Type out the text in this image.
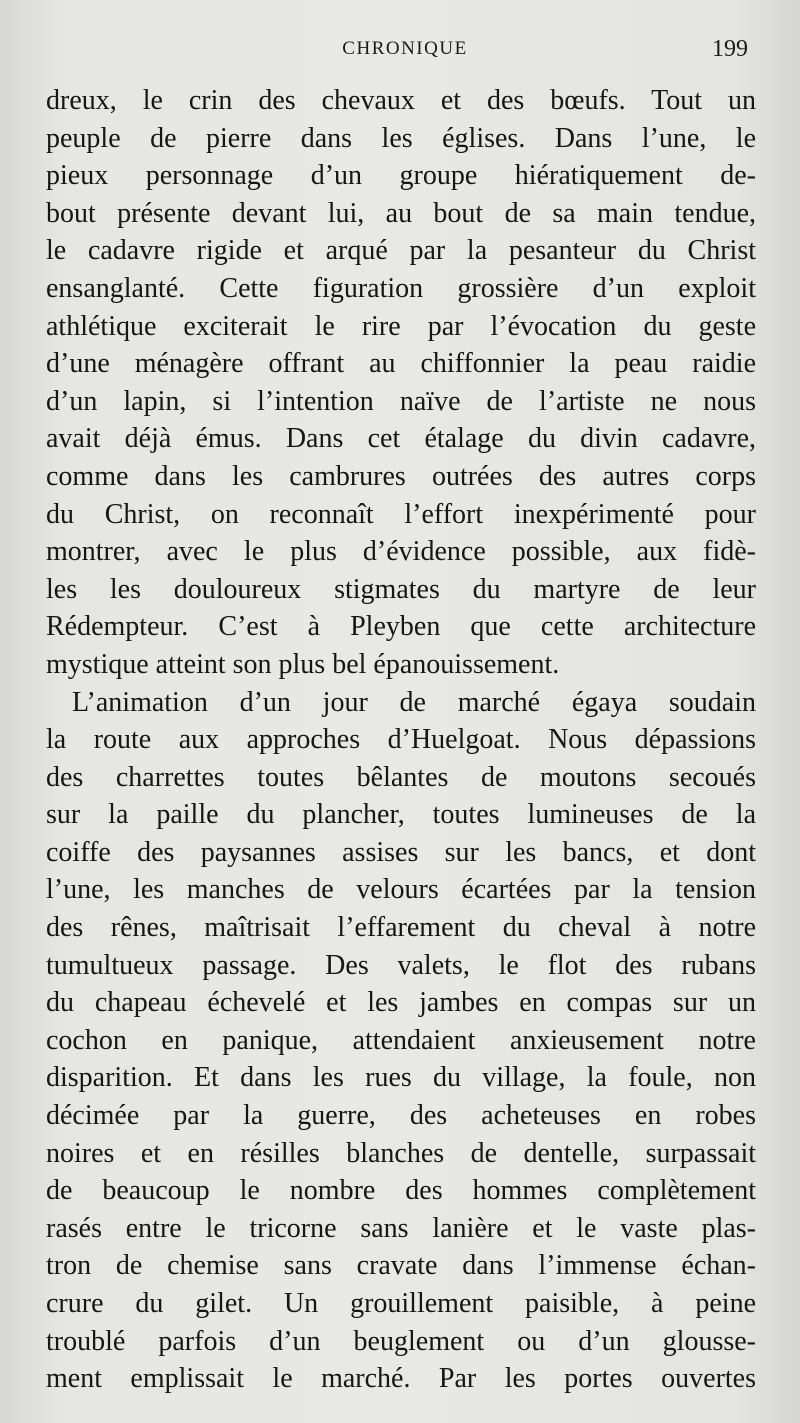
CHRONIQUE	199
dreux, le crin des chevaux et des bœufs. Tout un
peuple de pierre dans les églises. Dans l’une, le
pieux personnage d’un groupe hiératiquement de-
bout présente devant lui, au bout de sa main tendue,
le cadavre rigide et arqué par la pesanteur du Christ
ensanglanté. Cette figuration grossière d’un exploit
athlétique exciterait le rire par l’évocation du geste
d’une ménagère offrant au chiffonnier la peau raidie
d’un lapin, si l’intention naïve de l’artiste ne nous
avait déjà émus. Dans cet étalage du divin cadavre,
comme dans les cambrures outrées des autres corps
du Christ, on reconnaît l’effort inexpérimenté pour
montrer, avec le plus d’évidence possible, aux fidè-
les les douloureux stigmates du martyre de leur
Rédempteur. C’est à Pleyben que cette architecture
mystique atteint son plus bel épanouissement.
L’animation d’un jour de marché égaya soudain
la route aux approches d’Huelgoat. Nous dépassions
des charrettes toutes bêlantes de moutons secoués
sur la paille du plancher, toutes lumineuses de la
coiffe des paysannes assises sur les bancs, et dont
l’une, les manches de velours écartées par la tension
des rênes, maîtrisait l’effarement du cheval à notre
tumultueux passage. Des valets, le flot des rubans
du chapeau échevelé et les jambes en compas sur un
cochon en panique, attendaient anxieusement notre
disparition. Et dans les rues du village, la foule, non
décimée par la guerre, des acheteuses en robes
noires et en résilles blanches de dentelle, surpassait
de beaucoup le nombre des hommes complètement
rasés entre le tricorne sans lanière et le vaste plas-
tron de chemise sans cravate dans l’immense échan-
crure du gilet. Un grouillement paisible, à peine
troublé parfois d’un beuglement ou d’un glousse-
ment emplissait le marché. Par les portes ouvertes
